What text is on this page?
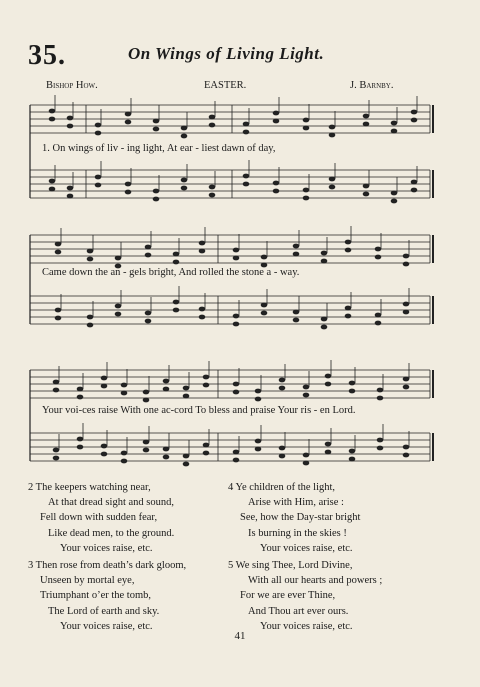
35.	On Wings of Living Light.
Bishop How.	EASTER.	J. Barnby.
1. On wings of liv - ing light, At ear - liest dawn of day,
Came down the an - gels bright, And rolled the stone a - way.
Your voi-ces raise With one ac-cord To bless and praise Your ris - en Lord.
2 The keepers watching near,
At that dread sight and sound,
Fell down with sudden fear,
Like dead men, to the ground.
Your voices raise, etc.
3 Then rose from death’s dark gloom,
Unseen by mortal eye,
Triumphant o’er the tomb,
The Lord of earth and sky.
Your voices raise, etc.
4 Ye children of the light,
Arise with Him, arise :
See, how the Day-star bright
Is burning in the skies !
Your voices raise, etc.
5 We sing Thee, Lord Divine,
With all our hearts and powers ;
For we are ever Thine,
And Thou art ever ours.
Your voices raise, etc.
41
